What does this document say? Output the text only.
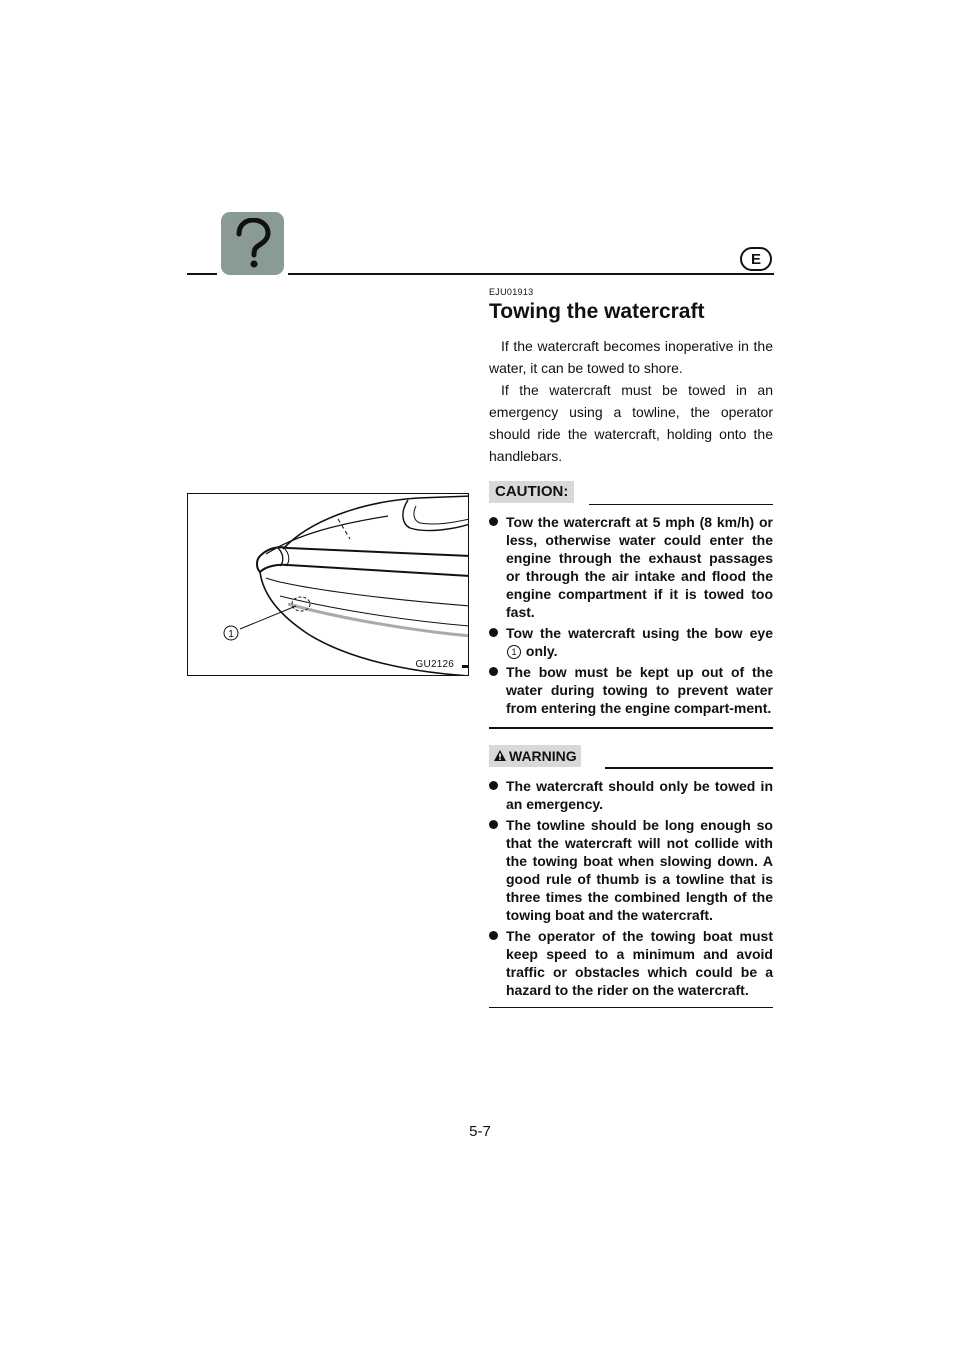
E
1
GU2126
EJU01913
Towing the watercraft

If the watercraft becomes inoperative in the water, it can be towed to shore.

If the watercraft must be towed in an emergency using a towline, the operator should ride the watercraft, holding onto the handlebars.

CAUTION:
Tow the watercraft at 5 mph (8 km/h) or less, otherwise water could enter the engine through the exhaust passages or through the air intake and flood the engine compartment if it is towed too fast.
Tow the watercraft using the bow eye 1 only.
The bow must be kept up out of the water during towing to prevent water from entering the engine compart-ment.
WARNING
The watercraft should only be towed in an emergency.
The towline should be long enough so that the watercraft will not collide with the towing boat when slowing down. A good rule of thumb is a towline that is three times the combined length of the towing boat and the watercraft.
The operator of the towing boat must keep speed to a minimum and avoid traffic or obstacles which could be a hazard to the rider on the watercraft.
5-7
